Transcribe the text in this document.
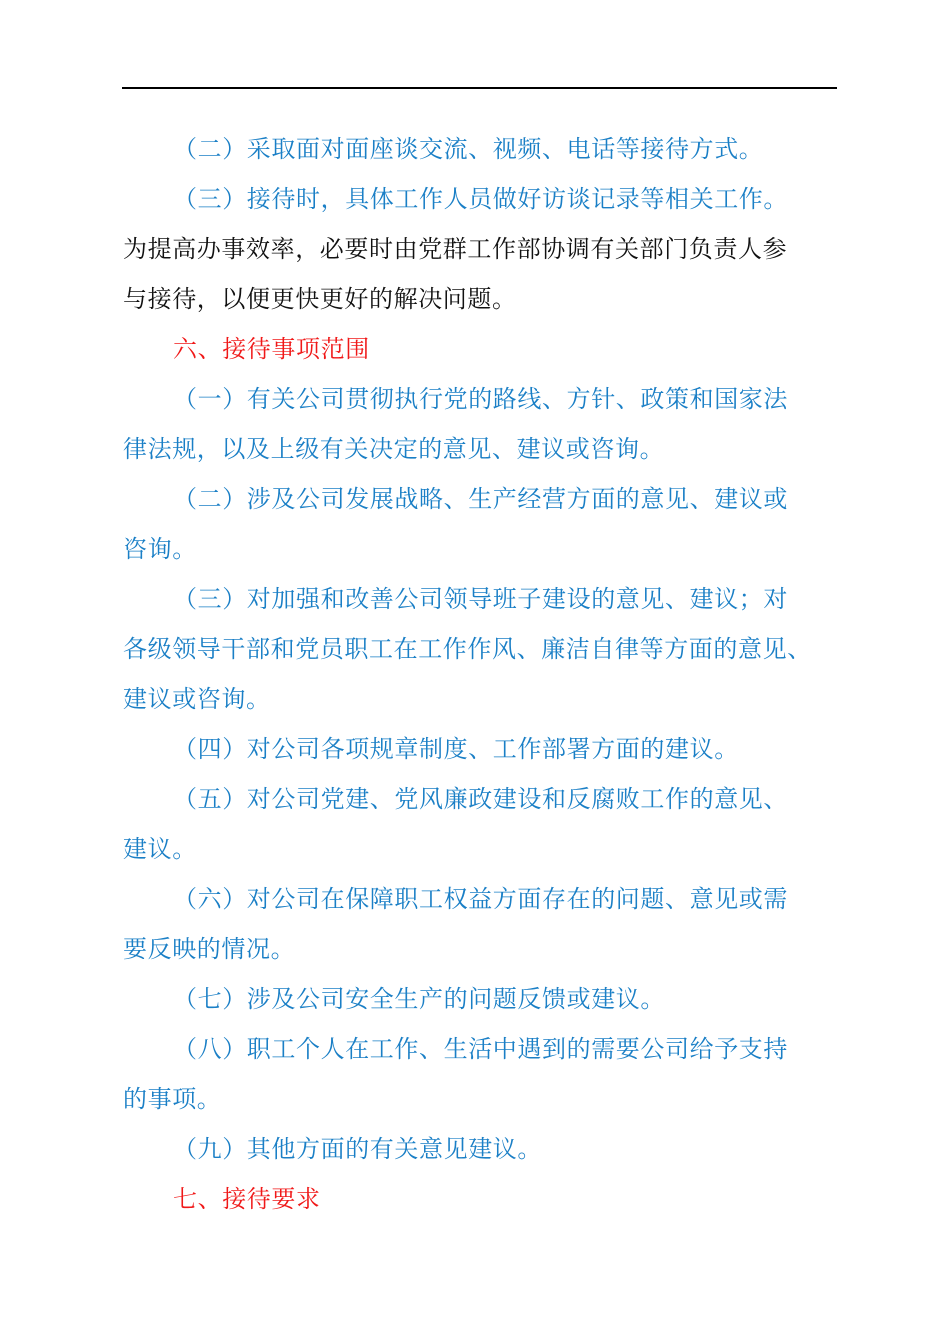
（二）采取面对面座谈交流、视频、电话等接待方式。

（三）接待时，具体工作人员做好访谈记录等相关工作。

为提高办事效率，必要时由党群工作部协调有关部门负责人参

与接待，以便更快更好的解决问题。

六、接待事项范围

（一）有关公司贯彻执行党的路线、方针、政策和国家法

律法规，以及上级有关决定的意见、建议或咨询。

（二）涉及公司发展战略、生产经营方面的意见、建议或

咨询。

（三）对加强和改善公司领导班子建设的意见、建议；对

各级领导干部和党员职工在工作作风、廉洁自律等方面的意见、

建议或咨询。

（四）对公司各项规章制度、工作部署方面的建议。

（五）对公司党建、党风廉政建设和反腐败工作的意见、

建议。

（六）对公司在保障职工权益方面存在的问题、意见或需

要反映的情况。

（七）涉及公司安全生产的问题反馈或建议。

（八）职工个人在工作、生活中遇到的需要公司给予支持

的事项。

（九）其他方面的有关意见建议。

七、接待要求
